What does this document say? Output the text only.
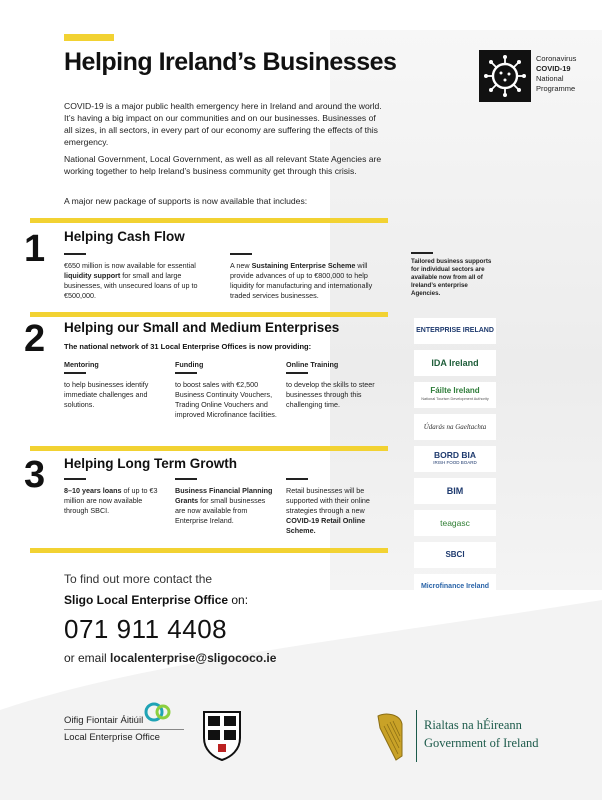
Helping Ireland’s Businesses	Coronavirus
COVID-19
National
Programme

COVID-19 is a major public health emergency here in Ireland and around the world. It’s having a big impact on our communities and on our businesses. Businesses of all sizes, in all sectors, in every part of our economy are suffering the effects of this emergency.

National Government, Local Government, as well as all relevant State Agencies are working together to help Ireland’s business community get through this crisis.

A major new package of supports is now available that includes:

1 Helping Cash Flow
€650 million is now available for essential liquidity support for small and large businesses, with unsecured loans of up to €500,000.
A new Sustaining Enterprise Scheme will provide advances of up to €800,000 to help liquidity for manufacturing and internationally traded services businesses.
2 Helping our Small and Medium Enterprises
The national network of 31 Local Enterprise Offices is now providing:
Mentoring
to help businesses identify immediate challenges and solutions.
Funding
to boost sales with €2,500 Business Continuity Vouchers, Trading Online Vouchers and improved Microfinance facilities.
Online Training
to develop the skills to steer businesses through this challenging time.
3 Helping Long Term Growth
8–10 years loans of up to €3 million are now available through SBCI.
Business Financial Planning Grants for small businesses are now available from Enterprise Ireland.
Retail businesses will be supported with their online strategies through a new COVID-19 Retail Online Scheme.
Tailored business supports for individual sectors are available now from all of Ireland’s enterprise Agencies.
ENTERPRISE IRELAND
IDA Ireland
Fáilte Ireland
National Tourism Development Authority
Údarás na Gaeltachta
BORD BIA
IRISH FOOD BOARD
BIM
teagasc
SBCI
Microfinance Ireland
To find out more contact the
Sligo Local Enterprise Office on:
071 911 4408
or email localenterprise@sligococo.ie
Oifig Fiontair Áitiúil
Local Enterprise Office
Rialtas na hÉireann
Government of Ireland
